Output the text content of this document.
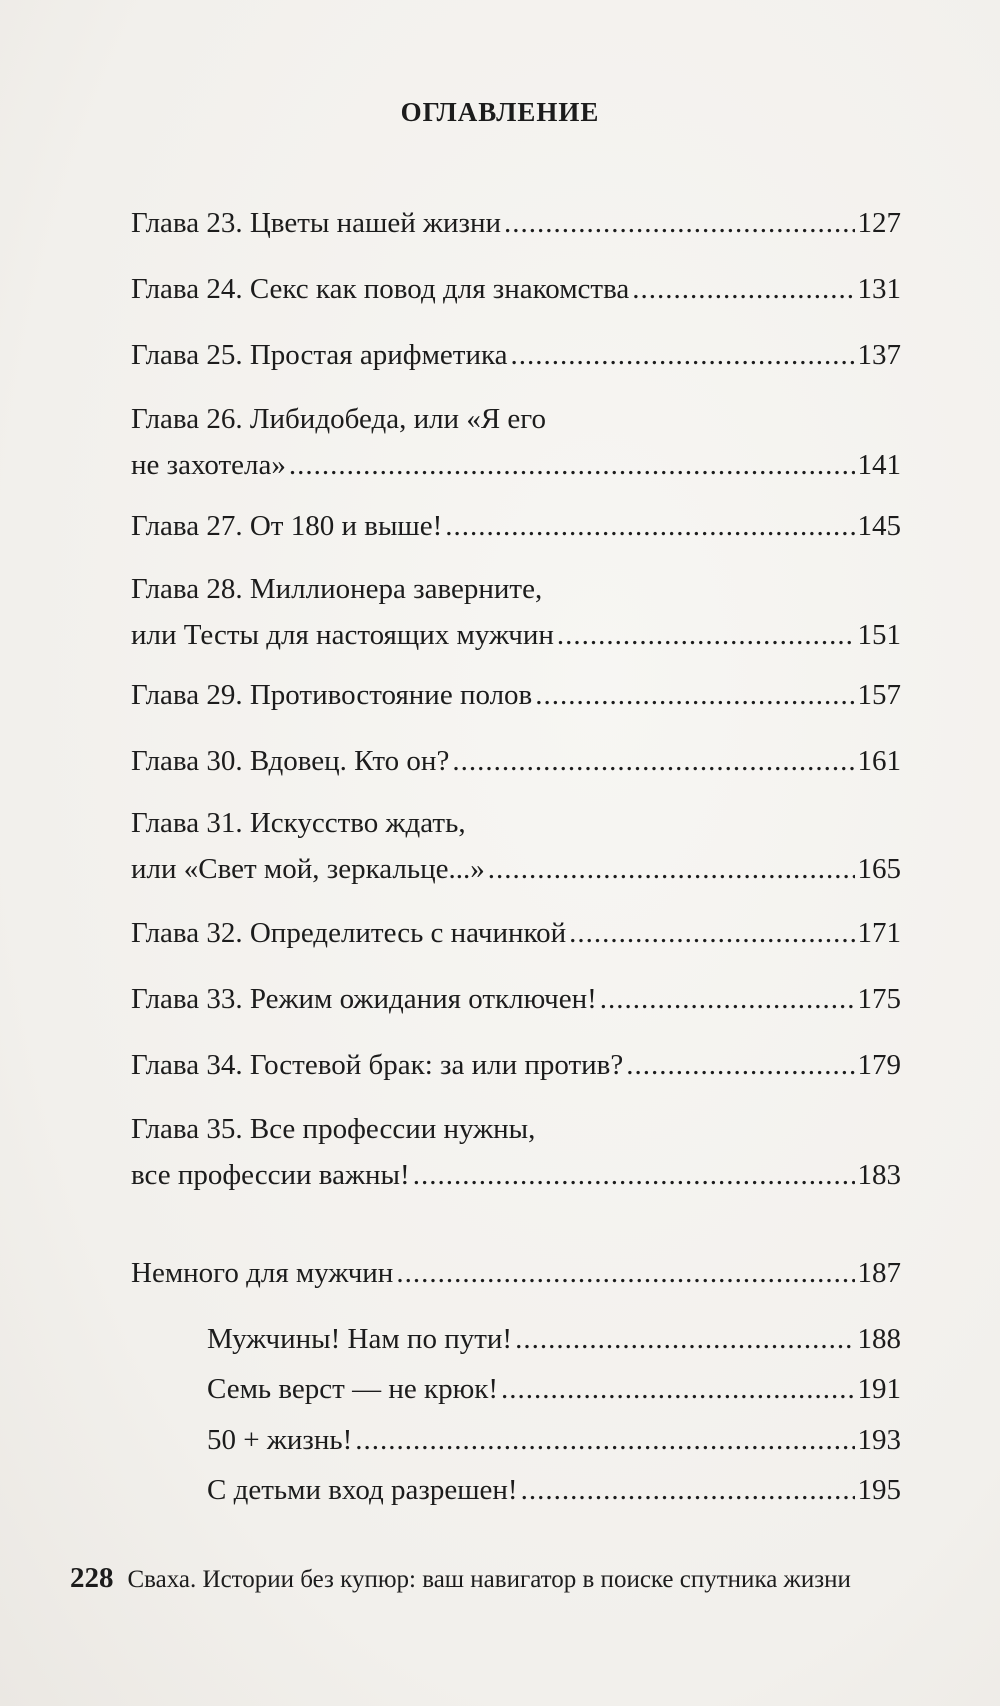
ОГЛАВЛЕНИЕ
Глава 23. Цветы нашей жизни .....	127
Глава 24. Секс как повод для знакомства .....	131
Глава 25. Простая арифметика .....	137
Глава 26. Либидобеда, или «Я его
не захотела» .....	141
Глава 27. От 180 и выше! .....	145
Глава 28. Миллионера заверните,
или Тесты для настоящих мужчин .....	151
Глава 29. Противостояние полов .....	157
Глава 30. Вдовец. Кто он? .....	161
Глава 31. Искусство ждать,
или «Свет мой, зеркальце...» .....	165
Глава 32. Определитесь с начинкой .....	171
Глава 33. Режим ожидания отключен! .....	175
Глава 34. Гостевой брак: за или против? .....	179
Глава 35. Все профессии нужны,
все профессии важны! .....	183
Немного для мужчин .....	187
Мужчины! Нам по пути! .....	188
Семь верст — не крюк! .....	191
50 + жизнь! .....	193
С детьми вход разрешен! .....	195
228 Сваха. Истории без купюр: ваш навигатор в поиске спутника жизни
